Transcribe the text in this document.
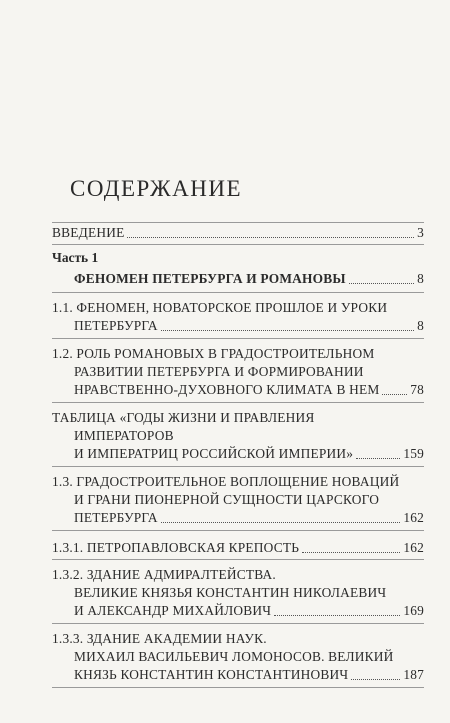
СОДЕРЖАНИЕ
ВВЕДЕНИЕ	3
Часть 1
ФЕНОМЕН ПЕТЕРБУРГА И РОМАНОВЫ	8
1.1. ФЕНОМЕН, НОВАТОРСКОЕ ПРОШЛОЕ И УРОКИ
ПЕТЕРБУРГА	8
1.2. РОЛЬ РОМАНОВЫХ В ГРАДОСТРОИТЕЛЬНОМ
РАЗВИТИИ ПЕТЕРБУРГА И ФОРМИРОВАНИИ
НРАВСТВЕННО-ДУХОВНОГО КЛИМАТА В НЕМ 78
ТАБЛИЦА «ГОДЫ ЖИЗНИ И ПРАВЛЕНИЯ
ИМПЕРАТОРОВ
И ИМПЕРАТРИЦ РОССИЙСКОЙ ИМПЕРИИ»	159
1.3. ГРАДОСТРОИТЕЛЬНОЕ ВОПЛОЩЕНИЕ НОВАЦИЙ
И ГРАНИ ПИОНЕРНОЙ СУЩНОСТИ ЦАРСКОГО
ПЕТЕРБУРГА	162
1.3.1. ПЕТРОПАВЛОВСКАЯ КРЕПОСТЬ	162
1.3.2. ЗДАНИЕ АДМИРАЛТЕЙСТВА.
ВЕЛИКИЕ КНЯЗЬЯ КОНСТАНТИН НИКОЛАЕВИЧ
И АЛЕКСАНДР МИХАЙЛОВИЧ	169
1.3.3. ЗДАНИЕ АКАДЕМИИ НАУК.
МИХАИЛ ВАСИЛЬЕВИЧ ЛОМОНОСОВ. ВЕЛИКИЙ
КНЯЗЬ КОНСТАНТИН КОНСТАНТИНОВИЧ	187
